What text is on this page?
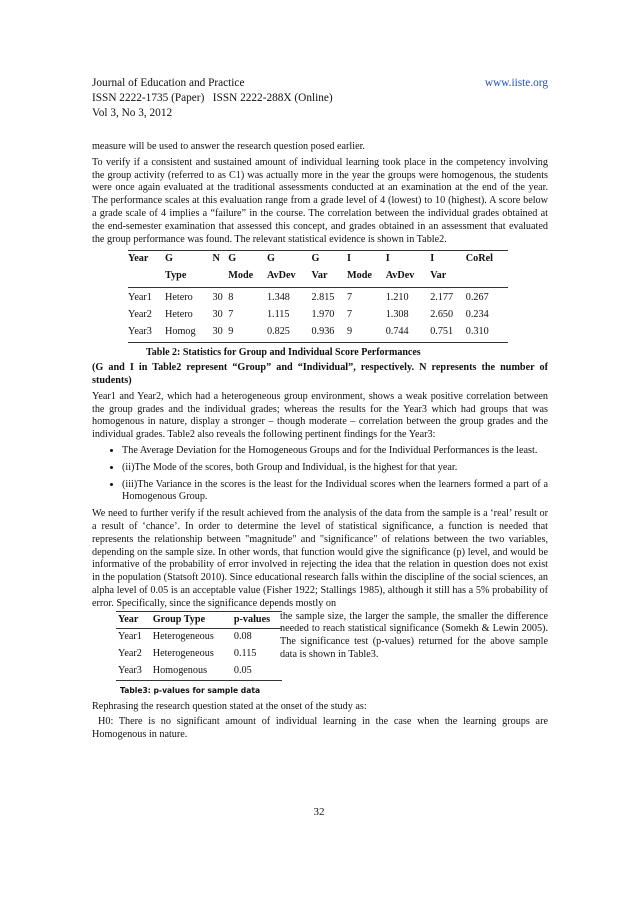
Journal of Education and Practice
ISSN 2222-1735 (Paper)   ISSN 2222-288X (Online)
Vol 3, No 3, 2012
www.iiste.org

measure will be used to answer the research question posed earlier.

To verify if a consistent and sustained amount of individual learning took place in the competency involving the group activity (referred to as C1) was actually more in the year the groups were homogenous, the students were once again evaluated at the traditional assessments conducted at an examination at the end of the year. The performance scales at this evaluation range from a grade level of 4 (lowest) to 10 (highest). A score below a grade scale of 4 implies a “failure” in the course. The correlation between the individual grades obtained at the end-semester examination that assessed this concept, and grades obtained in an assessment that evaluated the group performance was found. The relevant statistical evidence is shown in Table2.

Year	G	N	G	G	G	I	I	I	CoRel
	Type		Mode	AvDev	Var	Mode	AvDev	Var	
Year1	Hetero	30	8	1.348	2.815	7	1.210	2.177	0.267
Year2	Hetero	30	7	1.115	1.970	7	1.308	2.650	0.234
Year3	Homog	30	9	0.825	0.936	9	0.744	0.751	0.310
Table 2: Statistics for Group and Individual Score Performances

(G and I in Table2 represent “Group” and “Individual”, respectively. N represents the number of students)

Year1 and Year2, which had a heterogeneous group environment, shows a weak positive correlation between the group grades and the individual grades; whereas the results for the Year3 which had groups that was homogenous in nature, display a stronger – though moderate – correlation between the group grades and the individual grades. Table2 also reveals the following pertinent findings for the Year3:

• The Average Deviation for the Homogeneous Groups and for the Individual Performances is the least.
• (ii)The Mode of the scores, both Group and Individual, is the highest for that year.
• (iii)The Variance in the scores is the least for the Individual scores when the learners formed a part of a Homogenous Group.

We need to further verify if the result achieved from the analysis of the data from the sample is a ‘real’ result or a result of ‘chance’. In order to determine the level of statistical significance, a function is needed that represents the relationship between "magnitude" and "significance" of relations between the two variables, depending on the sample size. In other words, that function would give the significance (p) level, and would be informative of the probability of error involved in rejecting the idea that the relation in question does not exist in the population (Statsoft 2010). Since educational research falls within the discipline of the social sciences, an alpha level of 0.05 is an acceptable value (Fisher 1922; Stallings 1985), although it still has a 5% probability of error. Specifically, since the significance depends mostly on

Year	Group Type	p-values
Year1	Heterogeneous	0.08
Year2	Heterogeneous	0.115
Year3	Homogenous	0.05
Table3: p-values for sample data

the sample size, the larger the sample, the smaller the difference needed to reach statistical significance (Somekh & Lewin 2005). The significance test (p-values) returned for the above sample data is shown in Table3.

Rephrasing the research question stated at the onset of the study as:

H0: There is no significant amount of individual learning in the case when the learning groups are Homogenous in nature.

32
